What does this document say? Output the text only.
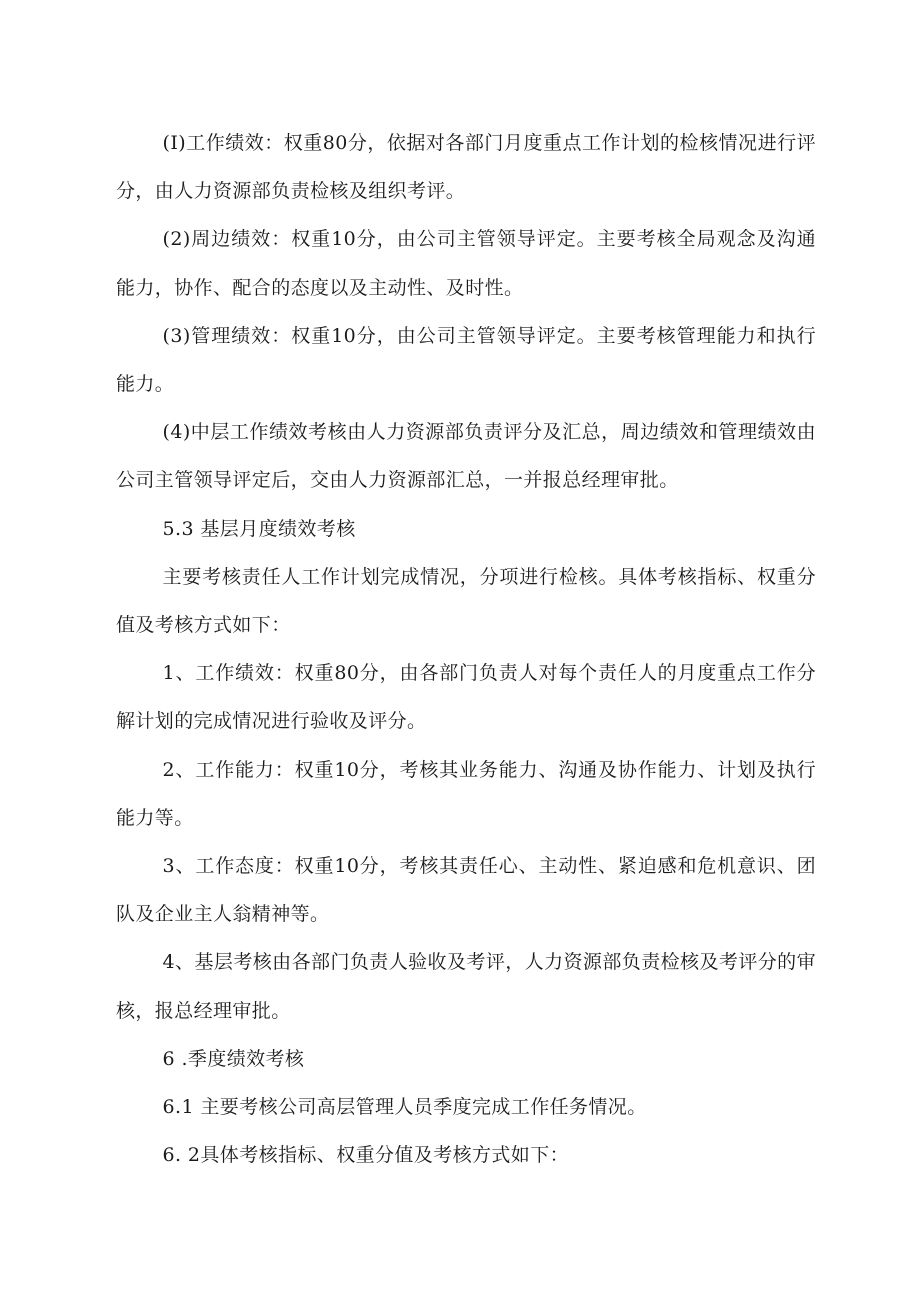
(I)工作绩效：权重80分，依据对各部门月度重点工作计划的检核情况进行评分，由人力资源部负责检核及组织考评。

(2)周边绩效：权重10分，由公司主管领导评定。主要考核全局观念及沟通能力，协作、配合的态度以及主动性、及时性。

(3)管理绩效：权重10分，由公司主管领导评定。主要考核管理能力和执行能力。

(4)中层工作绩效考核由人力资源部负责评分及汇总，周边绩效和管理绩效由公司主管领导评定后，交由人力资源部汇总，一并报总经理审批。

5.3 基层月度绩效考核

主要考核责任人工作计划完成情况，分项进行检核。具体考核指标、权重分值及考核方式如下：

1、工作绩效：权重80分，由各部门负责人对每个责任人的月度重点工作分解计划的完成情况进行验收及评分。

2、工作能力：权重10分，考核其业务能力、沟通及协作能力、计划及执行能力等。

3、工作态度：权重10分，考核其责任心、主动性、紧迫感和危机意识、团队及企业主人翁精神等。

4、基层考核由各部门负责人验收及考评，人力资源部负责检核及考评分的审核，报总经理审批。

6 .季度绩效考核

6.1 主要考核公司高层管理人员季度完成工作任务情况。

6. 2具体考核指标、权重分值及考核方式如下：
